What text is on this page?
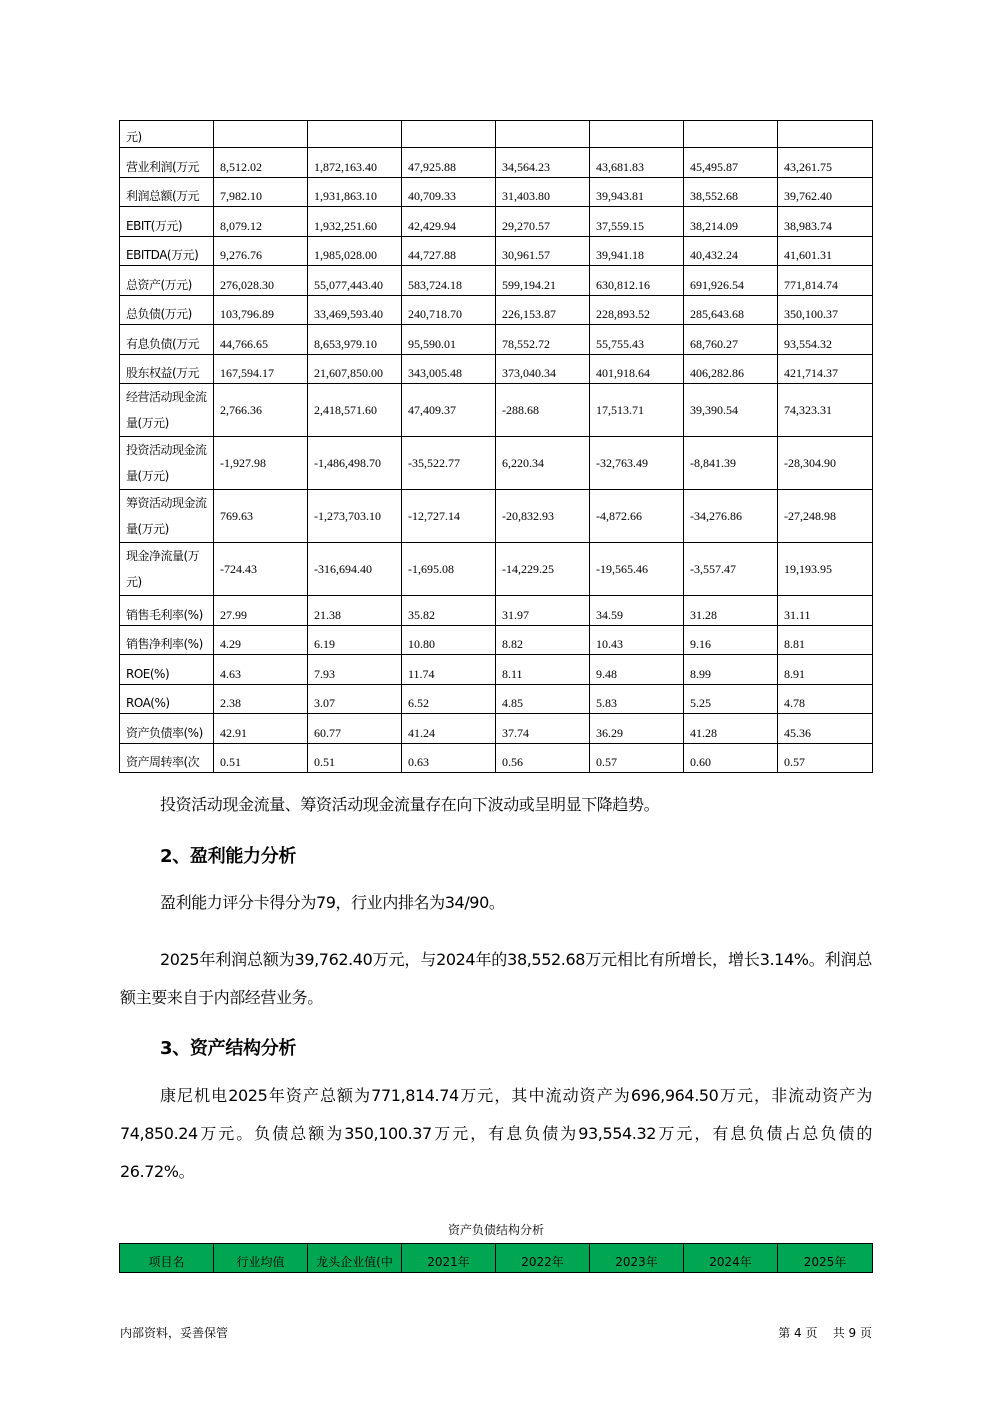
元)							
营业利润(万元	8,512.02	1,872,163.40	47,925.88	34,564.23	43,681.83	45,495.87	43,261.75
利润总额(万元	7,982.10	1,931,863.10	40,709.33	31,403.80	39,943.81	38,552.68	39,762.40
EBIT(万元)	8,079.12	1,932,251.60	42,429.94	29,270.57	37,559.15	38,214.09	38,983.74
EBITDA(万元)	9,276.76	1,985,028.00	44,727.88	30,961.57	39,941.18	40,432.24	41,601.31
总资产(万元)	276,028.30	55,077,443.40	583,724.18	599,194.21	630,812.16	691,926.54	771,814.74
总负债(万元)	103,796.89	33,469,593.40	240,718.70	226,153.87	228,893.52	285,643.68	350,100.37
有息负债(万元	44,766.65	8,653,979.10	95,590.01	78,552.72	55,755.43	68,760.27	93,554.32
股东权益(万元	167,594.17	21,607,850.00	343,005.48	373,040.34	401,918.64	406,282.86	421,714.37
经营活动现金流量(万元)	2,766.36	2,418,571.60	47,409.37	-288.68	17,513.71	39,390.54	74,323.31
投资活动现金流量(万元)	-1,927.98	-1,486,498.70	-35,522.77	6,220.34	-32,763.49	-8,841.39	-28,304.90
筹资活动现金流量(万元)	769.63	-1,273,703.10	-12,727.14	-20,832.93	-4,872.66	-34,276.86	-27,248.98
现金净流量(万元)	-724.43	-316,694.40	-1,695.08	-14,229.25	-19,565.46	-3,557.47	19,193.95
销售毛利率(%)	27.99	21.38	35.82	31.97	34.59	31.28	31.11
销售净利率(%)	4.29	6.19	10.80	8.82	10.43	9.16	8.81
ROE(%)	4.63	7.93	11.74	8.11	9.48	8.99	8.91
ROA(%)	2.38	3.07	6.52	4.85	5.83	5.25	4.78
资产负债率(%)	42.91	60.77	41.24	37.74	36.29	41.28	45.36
资产周转率(次	0.51	0.51	0.63	0.56	0.57	0.60	0.57

投资活动现金流量、筹资活动现金流量存在向下波动或呈明显下降趋势。

2、盈利能力分析

盈利能力评分卡得分为79，行业内排名为34/90。

2025年利润总额为39,762.40万元，与2024年的38,552.68万元相比有所增长，增长3.14%。利润总额主要来自于内部经营业务。

3、资产结构分析

康尼机电2025年资产总额为771,814.74万元，其中流动资产为696,964.50万元，非流动资产为74,850.24万元。负债总额为350,100.37万元，有息负债为93,554.32万元，有息负债占总负债的26.72%。

资产负债结构分析
项目名	行业均值	龙头企业值(中	2021年	2022年	2023年	2024年	2025年
内部资料，妥善保管	第 4 页    共 9 页
